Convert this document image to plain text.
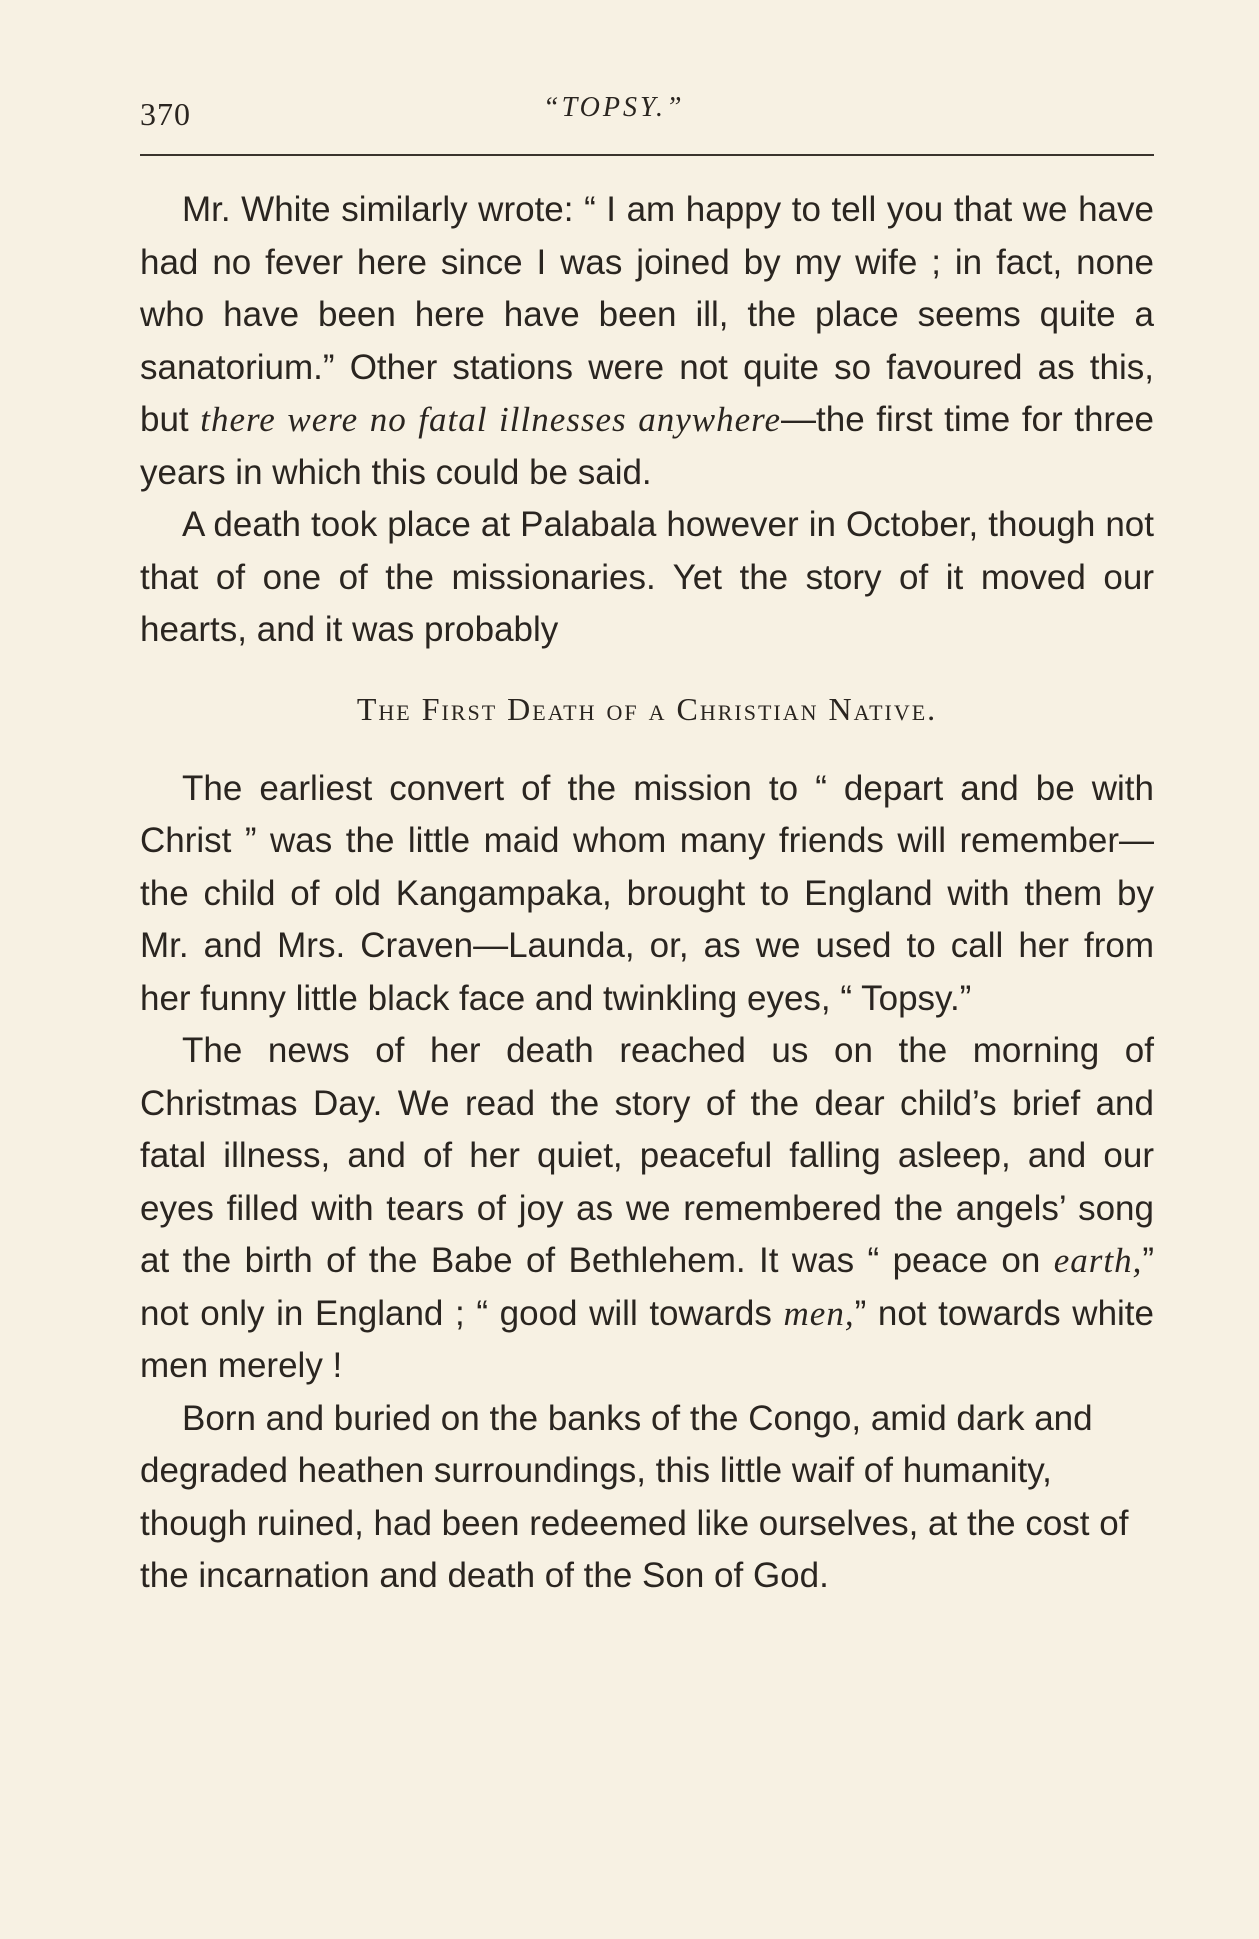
370	“TOPSY.”

Mr. White similarly wrote: “ I am happy to tell you that we have had no fever here since I was joined by my wife ; in fact, none who have been here have been ill, the place seems quite a sanatorium.” Other stations were not quite so favoured as this, but there were no fatal illnesses anywhere—the first time for three years in which this could be said.

A death took place at Palabala however in October, though not that of one of the missionaries. Yet the story of it moved our hearts, and it was probably

The First Death of a Christian Native.

The earliest convert of the mission to “ depart and be with Christ ” was the little maid whom many friends will remember—the child of old Kangampaka, brought to England with them by Mr. and Mrs. Craven—Launda, or, as we used to call her from her funny little black face and twinkling eyes, “ Topsy.”

The news of her death reached us on the morning of Christmas Day. We read the story of the dear child’s brief and fatal illness, and of her quiet, peaceful falling asleep, and our eyes filled with tears of joy as we remembered the angels’ song at the birth of the Babe of Bethlehem. It was “ peace on earth,” not only in England ; “ good will towards men,” not towards white men merely !

Born and buried on the banks of the Congo, amid dark and degraded heathen surroundings, this little waif of humanity, though ruined, had been redeemed like ourselves, at the cost of the incarnation and death of the Son of God.
